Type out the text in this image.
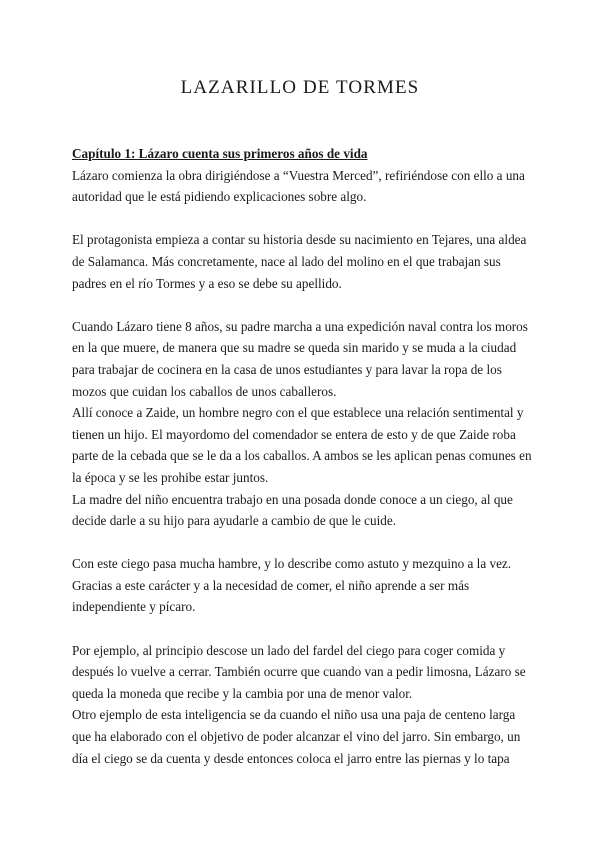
LAZARILLO DE TORMES
Capítulo 1: Lázaro cuenta sus primeros años de vida
Lázaro comienza la obra dirigiéndose a “Vuestra Merced”, refiriéndose con ello a una autoridad que le está pidiendo explicaciones sobre algo.
El protagonista empieza a contar su historia desde su nacimiento en Tejares, una aldea de Salamanca. Más concretamente, nace al lado del molino en el que trabajan sus padres en el río Tormes y a eso se debe su apellido.
Cuando Lázaro tiene 8 años, su padre marcha a una expedición naval contra los moros en la que muere, de manera que su madre se queda sin marido y se muda a la ciudad para trabajar de cocinera en la casa de unos estudiantes y para lavar la ropa de los mozos que cuidan los caballos de unos caballeros.
Allí conoce a Zaide, un hombre negro con el que establece una relación sentimental y tienen un hijo. El mayordomo del comendador se entera de esto y de que Zaide roba parte de la cebada que se le da a los caballos. A ambos se les aplican penas comunes en la época y se les prohibe estar juntos.
La madre del niño encuentra trabajo en una posada donde conoce a un ciego, al que decide darle a su hijo para ayudarle a cambio de que le cuide.
Con este ciego pasa mucha hambre, y lo describe como astuto y mezquino a la vez. Gracias a este carácter y a la necesidad de comer, el niño aprende a ser más independiente y pícaro.
Por ejemplo, al principio descose un lado del fardel del ciego para coger comida y después lo vuelve a cerrar. También ocurre que cuando van a pedir limosna, Lázaro se queda la moneda que recibe y la cambia por una de menor valor.
Otro ejemplo de esta inteligencia se da cuando el niño usa una paja de centeno larga que ha elaborado con el objetivo de poder alcanzar el vino del jarro. Sin embargo, un día el ciego se da cuenta y desde entonces coloca el jarro entre las piernas y lo tapa
